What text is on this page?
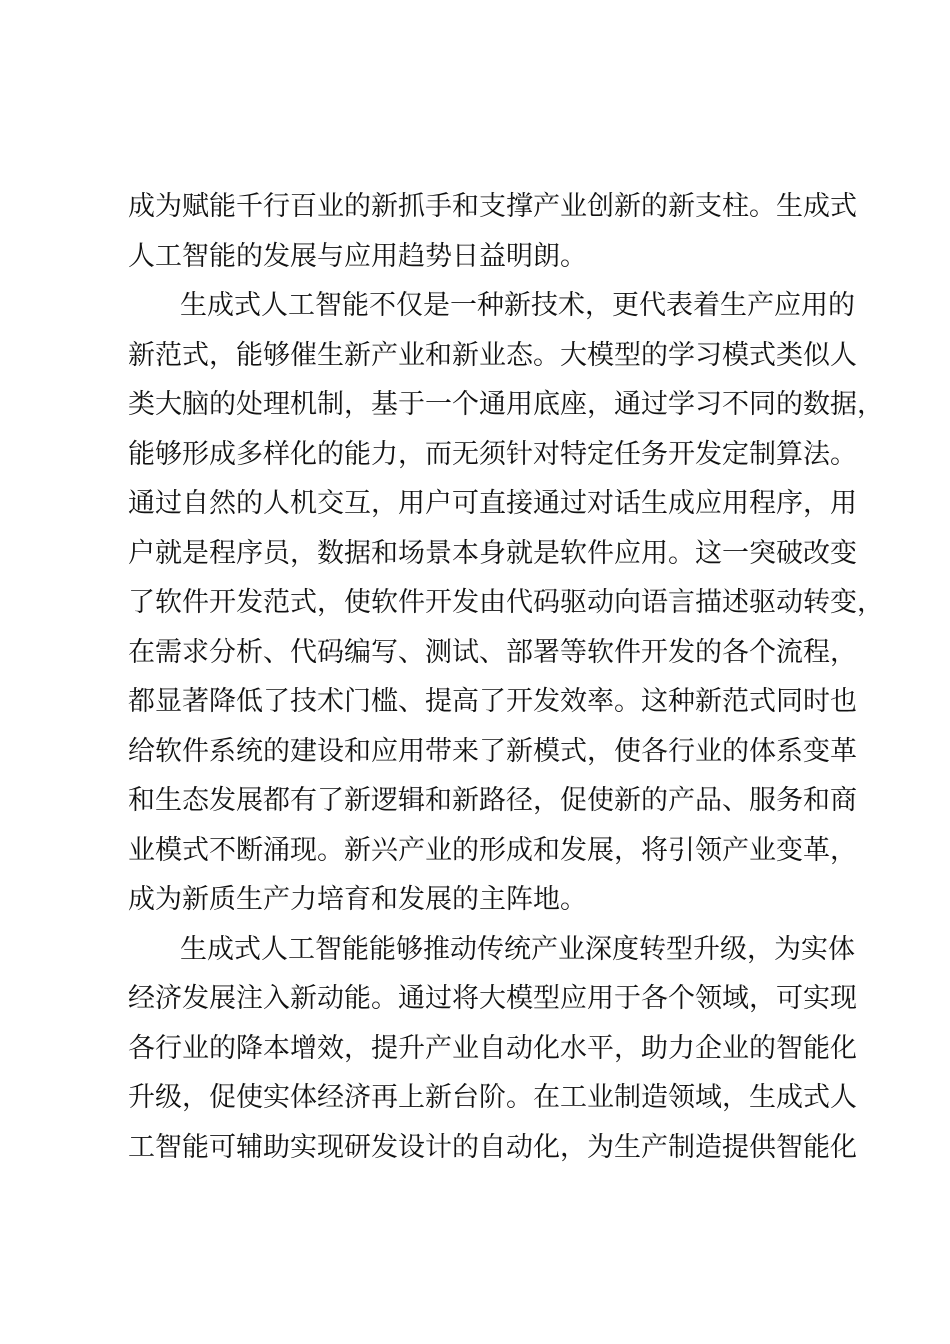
成为赋能千行百业的新抓手和支撑产业创新的新支柱。生成式
人工智能的发展与应用趋势日益明朗。
生成式人工智能不仅是一种新技术，更代表着生产应用的
新范式，能够催生新产业和新业态。大模型的学习模式类似人
类大脑的处理机制，基于一个通用底座，通过学习不同的数据，
能够形成多样化的能力，而无须针对特定任务开发定制算法。
通过自然的人机交互，用户可直接通过对话生成应用程序，用
户就是程序员，数据和场景本身就是软件应用。这一突破改变
了软件开发范式，使软件开发由代码驱动向语言描述驱动转变，
在需求分析、代码编写、测试、部署等软件开发的各个流程，
都显著降低了技术门槛、提高了开发效率。这种新范式同时也
给软件系统的建设和应用带来了新模式，使各行业的体系变革
和生态发展都有了新逻辑和新路径，促使新的产品、服务和商
业模式不断涌现。新兴产业的形成和发展，将引领产业变革，
成为新质生产力培育和发展的主阵地。
生成式人工智能能够推动传统产业深度转型升级，为实体
经济发展注入新动能。通过将大模型应用于各个领域，可实现
各行业的降本增效，提升产业自动化水平，助力企业的智能化
升级，促使实体经济再上新台阶。在工业制造领域，生成式人
工智能可辅助实现研发设计的自动化，为生产制造提供智能化
